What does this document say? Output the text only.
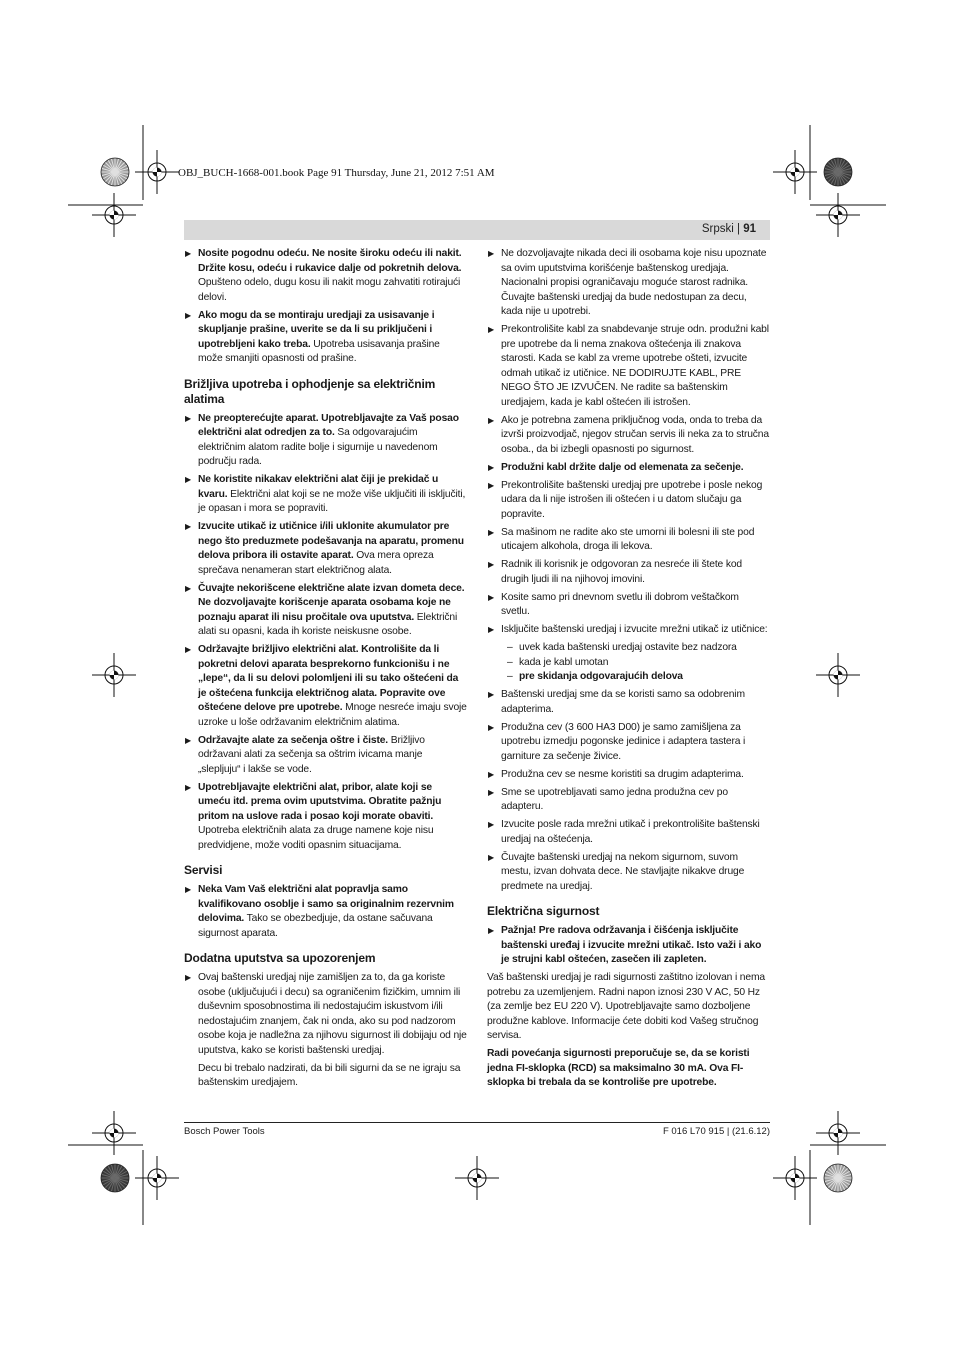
OBJ_BUCH-1668-001.book Page 91 Thursday, June 21, 2012 7:51 AM
Srpski | 91
▶ Nosite pogodnu odeću. Ne nosite široku odeću ili nakit. Držite kosu, odeću i rukavice dalje od pokretnih delova. Opušteno odelo, dugu kosu ili nakit mogu zahvatiti rotirajući delovi.
▶ Ako mogu da se montiraju uredjaji za usisavanje i skupljanje prašine, uverite se da li su priključeni i upotrebljeni kako treba. Upotreba usisavanja prašine može smanjiti opasnosti od prašine.
Brižljiva upotreba i ophodjenje sa električnim alatima
▶ Ne preopterećujte aparat. Upotrebljavajte za Vaš posao električni alat odredjen za to. Sa odgovarajućim električnim alatom radite bolje i sigurnije u navedenom području rada.
▶ Ne koristite nikakav električni alat čiji je prekidač u kvaru. Električni alat koji se ne može više uključiti ili isključiti, je opasan i mora se popraviti.
▶ Izvucite utikač iz utičnice i/ili uklonite akumulator pre nego što preduzmete podešavanja na aparatu, promenu delova pribora ili ostavite aparat. Ova mera opreza sprečava nenameran start električnog alata.
▶ Čuvajte nekorišcene električne alate izvan dometa dece. Ne dozvoljavajte korišcenje aparata osobama koje ne poznaju aparat ili nisu pročitale ova uputstva. Električni alati su opasni, kada ih koriste neiskusne osobe.
▶ Održavajte brižljivo električni alat. Kontrolišite da li pokretni delovi aparata besprekorno funkcionišu i ne „lepe“, da li su delovi polomljeni ili su tako oštećeni da je oštećena funkcija električnog alata. Popravite ove oštećene delove pre upotrebe. Mnoge nesreće imaju svoje uzroke u loše održavanim električnim alatima.
▶ Održavajte alate za sečenja oštre i čiste. Brižljivo održavani alati za sečenja sa oštrim ivicama manje „slepljuju“ i lakše se vode.
▶ Upotrebljavajte električni alat, pribor, alate koji se umeću itd. prema ovim uputstvima. Obratite pažnju pritom na uslove rada i posao koji morate obaviti. Upotreba električnih alata za druge namene koje nisu predvidjene, može voditi opasnim situacijama.
Servisi
▶ Neka Vam Vaš električni alat popravlja samo kvalifikovano osoblje i samo sa originalnim rezervnim delovima. Tako se obezbedjuje, da ostane sačuvana sigurnost aparata.
Dodatna uputstva sa upozorenjem
▶ Ovaj baštenski uredjaj nije zamišljen za to, da ga koriste osobe (uključujući i decu) sa ograničenim fizičkim, umnim ili duševnim sposobnostima ili nedostajućim iskustvom i/ili nedostajućim znanjem, čak ni onda, ako su pod nadzorom osobe koja je nadležna za njihovu sigurnost ili dobijaju od nje uputstva, kako se koristi baštenski uredjaj.
Decu bi trebalo nadzirati, da bi bili sigurni da se ne igraju sa baštenskim uredjajem.
▶ Ne dozvoljavajte nikada deci ili osobama koje nisu upoznate sa ovim uputstvima korišćenje baštenskog uredjaja. Nacionalni propisi ograničavaju moguće starost radnika. Čuvajte baštenski uredjaj da bude nedostupan za decu, kada nije u upotrebi.
▶ Prekontrolišite kabl za snabdevanje struje odn. produžni kabl pre upotrebe da li nema znakova oštećenja ili znakova starosti. Kada se kabl za vreme upotrebe ošteti, izvucite odmah utikač iz utičnice. NE DODIRUJTE KABL, PRE NEGO ŠTO JE IZVUČEN. Ne radite sa baštenskim uredjajem, kada je kabl oštećen ili istrošen.
▶ Ako je potrebna zamena priključnog voda, onda to treba da izvrši proizvodjač, njegov stručan servis ili neka za to stručna osoba., da bi izbegli opasnosti po sigurnost.
▶ Produžni kabl držite dalje od elemenata za sečenje.
▶ Prekontrolišite baštenski uredjaj pre upotrebe i posle nekog udara da li nije istrošen ili oštećen i u datom slučaju ga popravite.
▶ Sa mašinom ne radite ako ste umorni ili bolesni ili ste pod uticajem alkohola, droga ili lekova.
▶ Radnik ili korisnik je odgovoran za nesreće ili štete kod drugih ljudi ili na njihovoj imovini.
▶ Kosite samo pri dnevnom svetlu ili dobrom veštačkom svetlu.
▶ Isključite baštenski uredjaj i izvucite mrežni utikač iz utičnice:
– uvek kada baštenski uredjaj ostavite bez nadzora
– kada je kabl umotan
– pre skidanja odgovarajućih delova
▶ Baštenski uredjaj sme da se koristi samo sa odobrenim adapterima.
▶ Produžna cev (3 600 HA3 D00) je samo zamišljena za upotrebu izmedju pogonske jedinice i adaptera tastera i garniture za sečenje živice.
▶ Produžna cev se nesme koristiti sa drugim adapterima.
▶ Sme se upotrebljavati samo jedna produžna cev po adapteru.
▶ Izvucite posle rada mrežni utikač i prekontrolišite baštenski uredjaj na oštećenja.
▶ Čuvajte baštenski uredjaj na nekom sigurnom, suvom mestu, izvan dohvata dece. Ne stavljajte nikakve druge predmete na uredjaj.
Električna sigurnost
▶ Pažnja! Pre radova održavanja i čišćenja isključite baštenski uređaj i izvucite mrežni utikač. Isto važi i ako je strujni kabl oštećen, zasečen ili zapleten.
Vaš baštenski uredjaj je radi sigurnosti zaštitno izolovan i nema potrebu za uzemljenjem. Radni napon iznosi 230 V AC, 50 Hz (za zemlje bez EU 220 V). Upotrebljavajte samo dozboljene produžne kablove. Informacije ćete dobiti kod Vašeg stručnog servisa.
Radi povećanja sigurnosti preporučuje se, da se koristi jedna FI-sklopka (RCD) sa maksimalno 30 mA. Ova FI-sklopka bi trebala da se kontroliše pre upotrebe.
Bosch Power Tools	F 016 L70 915 | (21.6.12)
